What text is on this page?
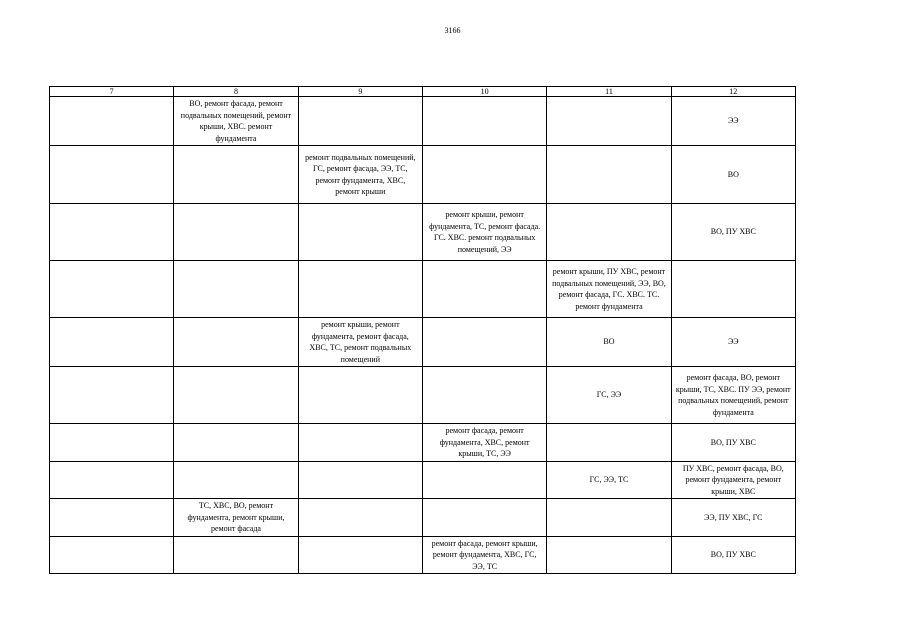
3166
7	8	9	10	11	12
	ВО, ремонт фасада, ремонт подвальных помещений, ремонт крыши, ХВС. ремонт фундамента				ЭЭ
		ремонт подвальных помещений, ГС, ремонт фасада, ЭЭ, ТС, ремонт фундамента, ХВС, ремонт крыши			ВО
			ремонт крыши, ремонт фундамента, ТС, ремонт фасада. ГС. ХВС. ремонт подвальных помещений, ЭЭ		ВО, ПУ ХВС
				ремонт крыши, ПУ ХВС, ремонт подвальных помещений, ЭЭ, ВО, ремонт фасада, ГС. ХВС. ТС. ремонт фундамента	
		ремонт крыши, ремонт фундамента, ремонт фасада, ХВС, ТС, ремонт подвальных помещений		ВО	ЭЭ
				ГС, ЭЭ	ремонт фасада, ВО, ремонт крыши, ТС, ХВС. ПУ ЭЭ, ремонт подвальных помещений, ремонт фундамента
			ремонт фасада, ремонт фундамента, ХВС, ремонт крыши, ТС, ЭЭ		ВО, ПУ ХВС
				ГС, ЭЭ, ТС	ПУ ХВС, ремонт фасада, ВО, ремонт фундамента, ремонт крыши, ХВС
	ТС, ХВС, ВО, ремонт фундамента, ремонт крыши, ремонт фасада				ЭЭ, ПУ ХВС, ГС
			ремонт фасада, ремонт крыши, ремонт фундамента, ХВС, ГС, ЭЭ, ТС		ВО, ПУ ХВС
